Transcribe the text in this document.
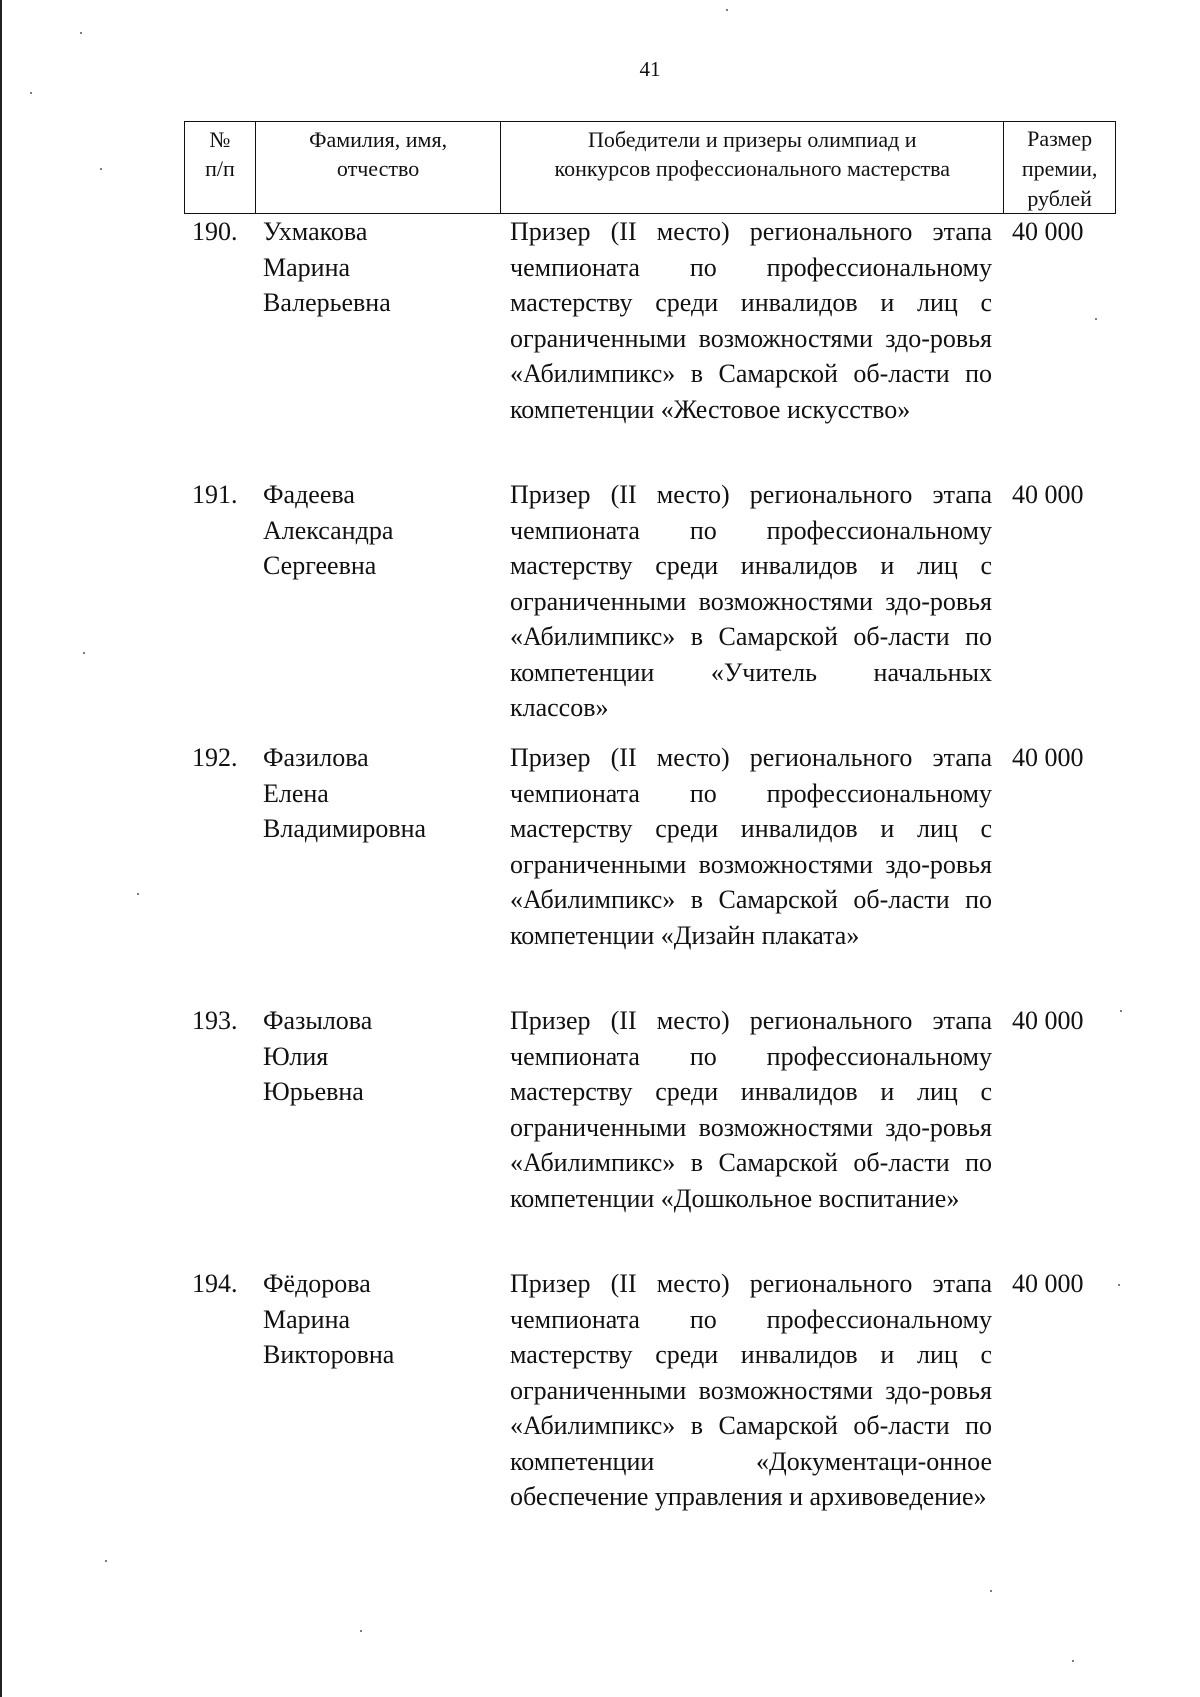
41
№
п/п
Фамилия, имя,
отчество
Победители и призеры олимпиад и
конкурсов профессионального мастерства
Размер
премии,
рублей
190. Ухмакова
Марина
Валерьевна
Призер (II место) регионального этапа чемпионата по профессиональному мастерству среди инвалидов и лиц с ограниченными возможностями здо-ровья «Абилимпикс» в Самарской об-ласти по компетенции «Жестовое искусство»
40 000
191. Фадеева
Александра
Сергеевна
Призер (II место) регионального этапа чемпионата по профессиональному мастерству среди инвалидов и лиц с ограниченными возможностями здо-ровья «Абилимпикс» в Самарской об-ласти по компетенции «Учитель начальных классов»
40 000
192. Фазилова
Елена
Владимировна
Призер (II место) регионального этапа чемпионата по профессиональному мастерству среди инвалидов и лиц с ограниченными возможностями здо-ровья «Абилимпикс» в Самарской об-ласти по компетенции «Дизайн плаката»
40 000
193. Фазылова
Юлия
Юрьевна
Призер (II место) регионального этапа чемпионата по профессиональному мастерству среди инвалидов и лиц с ограниченными возможностями здо-ровья «Абилимпикс» в Самарской об-ласти по компетенции «Дошкольное воспитание»
40 000
194. Фёдорова
Марина
Викторовна
Призер (II место) регионального этапа чемпионата по профессиональному мастерству среди инвалидов и лиц с ограниченными возможностями здо-ровья «Абилимпикс» в Самарской об-ласти по компетенции «Документаци-онное обеспечение управления и архивоведение»
40 000
